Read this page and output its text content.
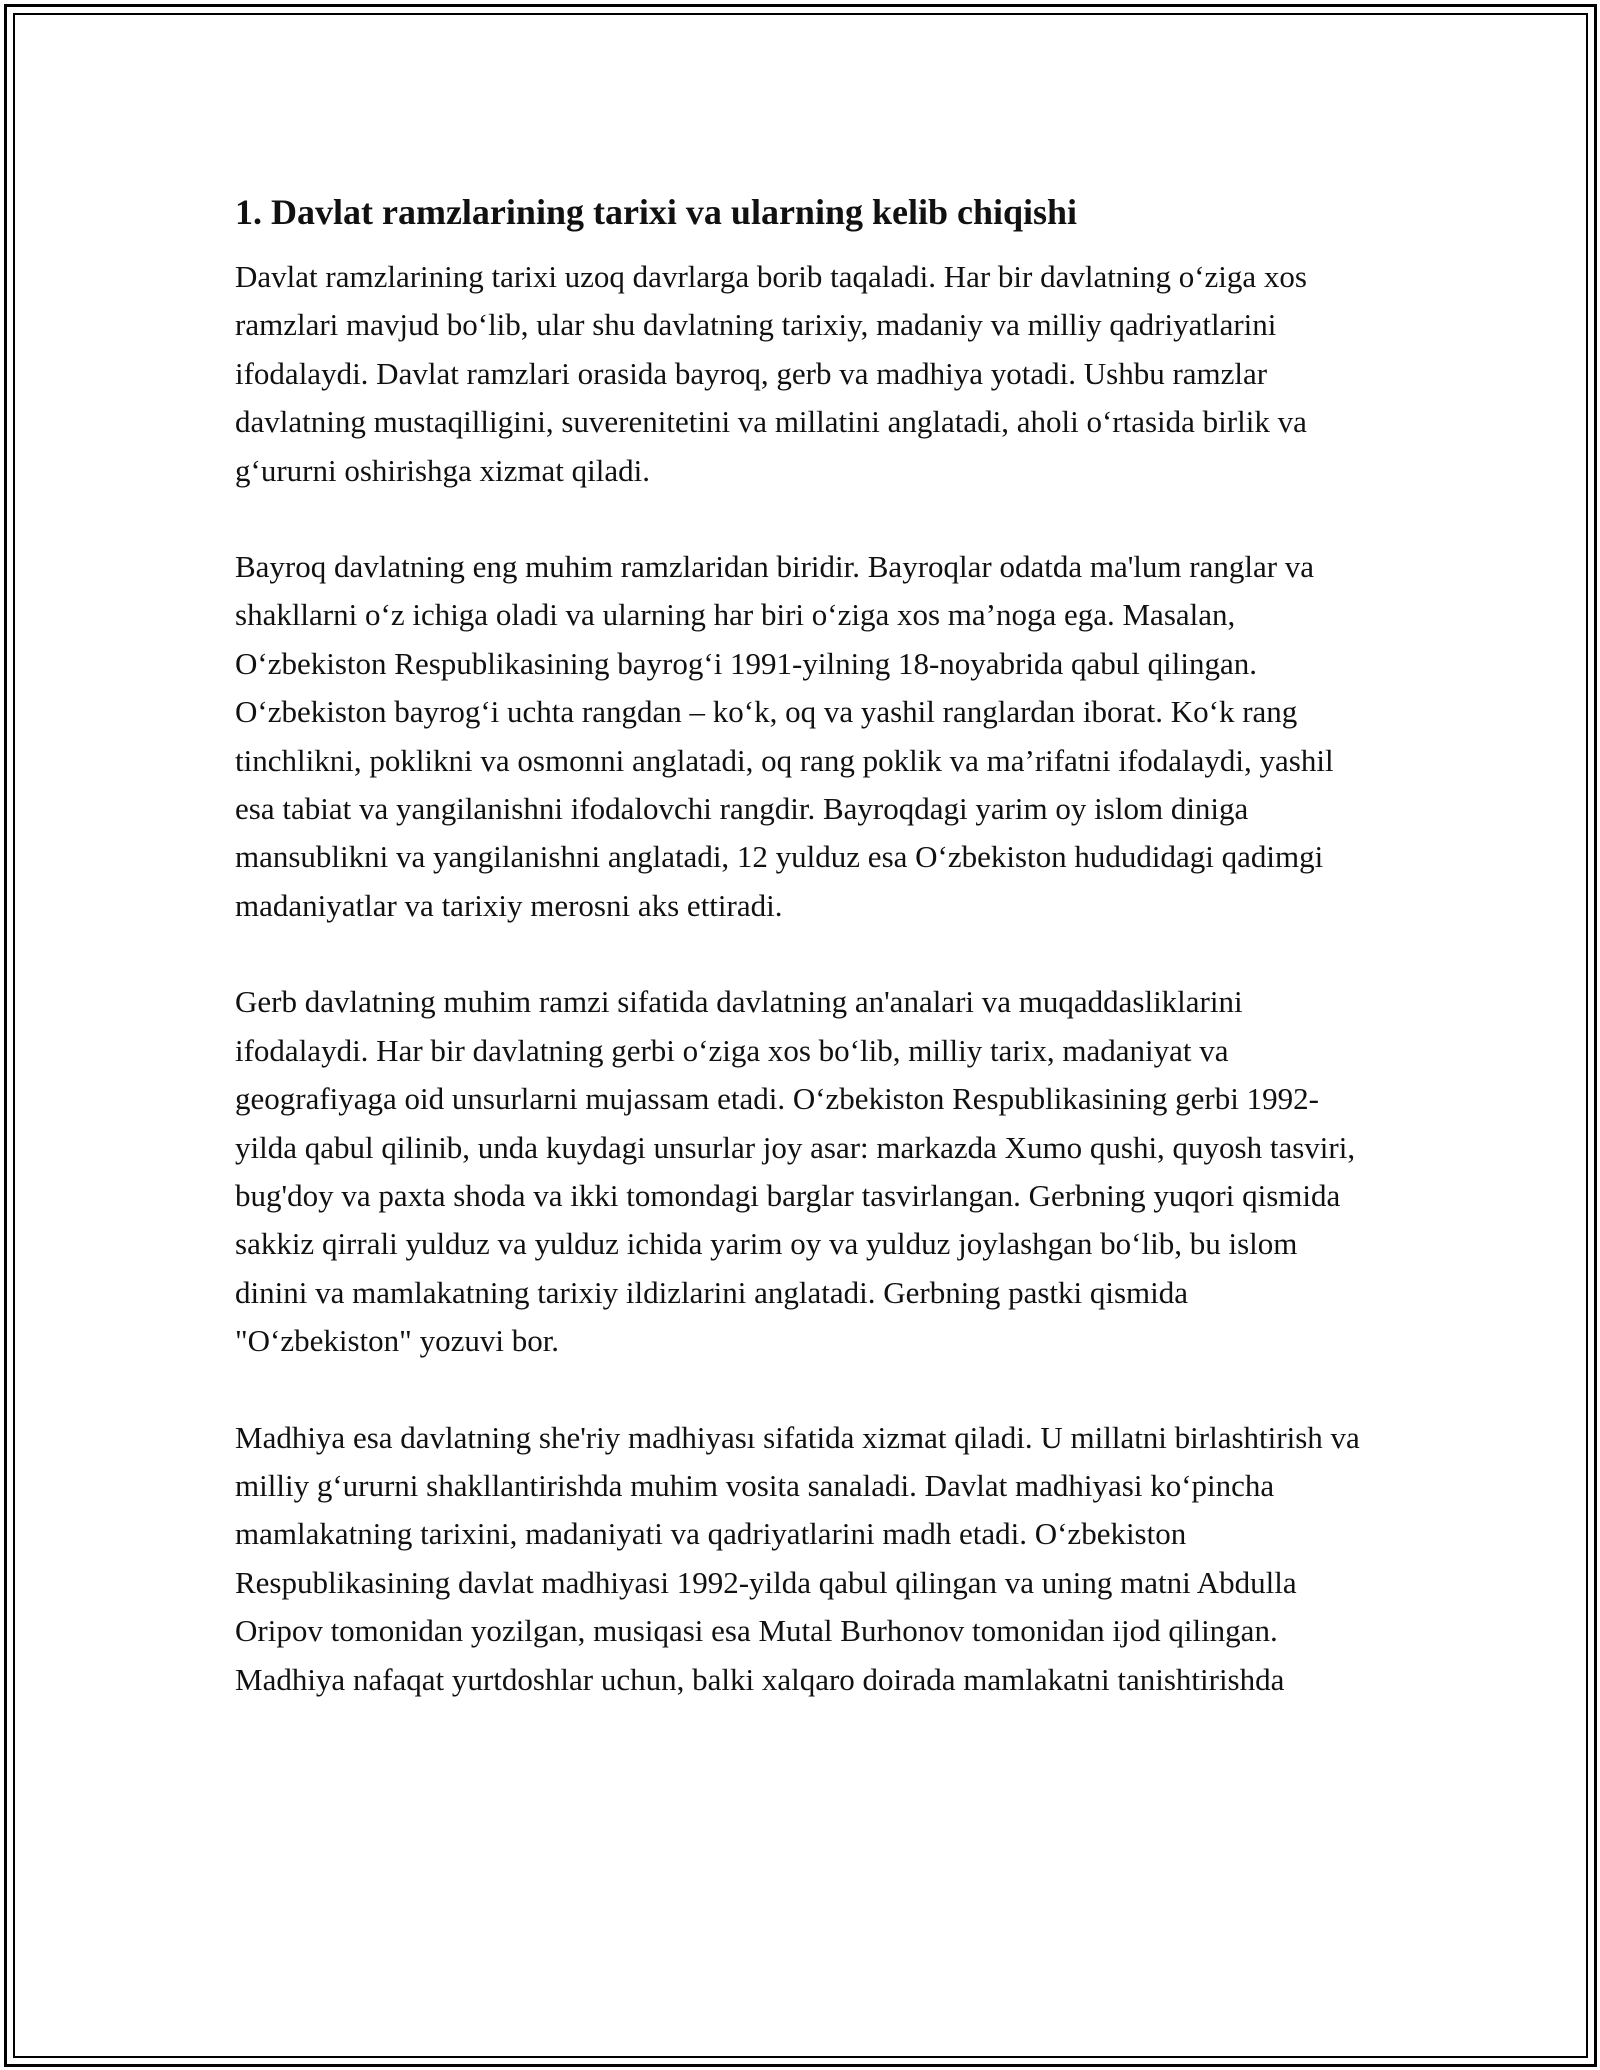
1. Davlat ramzlarining tarixi va ularning kelib chiqishi

Davlat ramzlarining tarixi uzoq davrlarga borib taqaladi. Har bir davlatning o‘ziga xos ramzlari mavjud bo‘lib, ular shu davlatning tarixiy, madaniy va milliy qadriyatlarini ifodalaydi. Davlat ramzlari orasida bayroq, gerb va madhiya yotadi. Ushbu ramzlar davlatning mustaqilligini, suverenitetini va millatini anglatadi, aholi o‘rtasida birlik va g‘ururni oshirishga xizmat qiladi.

Bayroq davlatning eng muhim ramzlaridan biridir. Bayroqlar odatda ma'lum ranglar va shakllarni o‘z ichiga oladi va ularning har biri o‘ziga xos ma’noga ega. Masalan, O‘zbekiston Respublikasining bayrog‘i 1991-yilning 18-noyabrida qabul qilingan. O‘zbekiston bayrog‘i uchta rangdan – ko‘k, oq va yashil ranglardan iborat. Ko‘k rang tinchlikni, poklikni va osmonni anglatadi, oq rang poklik va ma’rifatni ifodalaydi, yashil esa tabiat va yangilanishni ifodalovchi rangdir. Bayroqdagi yarim oy islom diniga mansublikni va yangilanishni anglatadi, 12 yulduz esa O‘zbekiston hududidagi qadimgi madaniyatlar va tarixiy merosni aks ettiradi.

Gerb davlatning muhim ramzi sifatida davlatning an'analari va muqaddasliklarini ifodalaydi. Har bir davlatning gerbi o‘ziga xos bo‘lib, milliy tarix, madaniyat va geografiyaga oid unsurlarni mujassam etadi. O‘zbekiston Respublikasining gerbi 1992-yilda qabul qilinib, unda kuydagi unsurlar joy asar: markazda Xumo qushi, quyosh tasviri, bug'doy va paxta shoda va ikki tomondagi barglar tasvirlangan. Gerbning yuqori qismida sakkiz qirrali yulduz va yulduz ichida yarim oy va yulduz joylashgan bo‘lib, bu islom dinini va mamlakatning tarixiy ildizlarini anglatadi. Gerbning pastki qismida "O‘zbekiston" yozuvi bor.

Madhiya esa davlatning she'riy madhiyası sifatida xizmat qiladi. U millatni birlashtirish va milliy g‘ururni shakllantirishda muhim vosita sanaladi. Davlat madhiyasi ko‘pincha mamlakatning tarixini, madaniyati va qadriyatlarini madh etadi. O‘zbekiston Respublikasining davlat madhiyasi 1992-yilda qabul qilingan va uning matni Abdulla Oripov tomonidan yozilgan, musiqasi esa Mutal Burhonov tomonidan ijod qilingan. Madhiya nafaqat yurtdoshlar uchun, balki xalqaro doirada mamlakatni tanishtirishda
